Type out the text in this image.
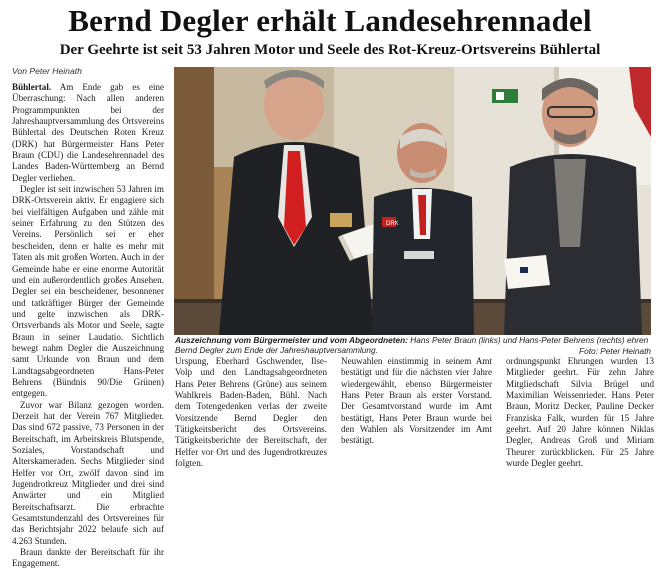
Bernd Degler erhält Landesehrennadel
Der Geehrte ist seit 53 Jahren Motor und Seele des Rot-Kreuz-Ortsvereins Bühlertal
Von Peter Heinath

Bühlertal. Am Ende gab es eine Überraschung: Nach allen anderen Programmpunkten bei der Jahreshauptversammlung des Ortsvereins Bühlertal des Deutschen Roten Kreuz (DRK) hat Bürgermeister Hans Peter Braun (CDU) die Landesehrennadel des Landes Baden-Württemberg an Bernd Degler verliehen.

Degler ist seit inzwischen 53 Jahren im DRK-Ortsverein aktiv. Er engagiere sich bei vielfältigen Aufgaben und zähle mit seiner Erfahrung zu den Stützen des Vereins. Persönlich sei er eher bescheiden, denn er halte es mehr mit Taten als mit großen Worten. Auch in der Gemeinde habe er eine enorme Autorität und ein außerordentlich großes Ansehen. Degler sei ein bescheidener, besonnener und tatkräftiger Bürger der Gemeinde und gelte inzwischen als DRK-Ortsverbands als Motor und Seele, sagte Braun in seiner Laudatio. Sichtlich bewegt nahm Degler die Auszeichnung samt Urkunde von Braun und dem Landtagsabgeordneten Hans-Peter Behrens (Bündnis 90/Die Grünen) entgegen.

Zuvor war Bilanz gezogen worden. Derzeit hat der Verein 767 Mitglieder. Das sind 672 passive, 73 Personen in der Bereitschaft, im Arbeitskreis Blutspende, Soziales, Vorstandschaft und Alterskameraden. Sechs Mitglieder sind Helfer vor Ort, zwölf davon sind im Jugendrotkreuz Mitglieder und drei sind Anwärter und ein Mitglied Bereitschaftsarzt. Die erbrachte Gesamtstundenzahl des Ortsvereines für das Berichtsjahr 2022 belaufe sich auf 4.263 Stunden.

Braun dankte der Bereitschaft für ihr Engagement.

DRK
Auszeichnung vom Bürgermeister und vom Abgeordneten: Hans Peter Braun (links) und Hans-Peter Behrens (rechts) ehren Bernd Degler zum Ende der Jahreshauptversammlung.	Foto: Peter Heinath

Urspung, Eberhard Gschwender, Ilse-Volp und den Landtagsabgeordneten Hans Peter Behrens (Grüne) aus seinem Wahlkreis Baden-Baden, Bühl. Nach dem Totengedenken verlas der zweite Vorsitzende Bernd Degler den Tätigkeitsbericht des Ortsvereins. Tätigkeitsberichte der Bereitschaft, der Helfer vor Ort und des Jugendrotkreuzes folgten.

Neuwahlen einstimmig in seinem Amt bestätigt und für die nächsten vier Jahre wiedergewählt, ebenso Bürgermeister Hans Peter Braun als erster Vorstand. Der Gesamtvorstand wurde im Amt bestätigt, Hans Peter Braun wurde bei den Wahlen als Vorsitzender im Amt bestätigt.

ordnungspunkt Ehrungen wurden 13 Mitglieder geehrt. Für zehn Jahre Mitgliedschaft Silvia Brügel und Maximilian Weissenrieder. Hans Peter Braun, Moritz Decker, Pauline Decker Franziska Falk, wurden für 15 Jahre geehrt. Auf 20 Jahre können Niklas Degler, Andreas Groß und Miriam Theurer zurückblicken. Für 25 Jahre wurde Degler geehrt.
